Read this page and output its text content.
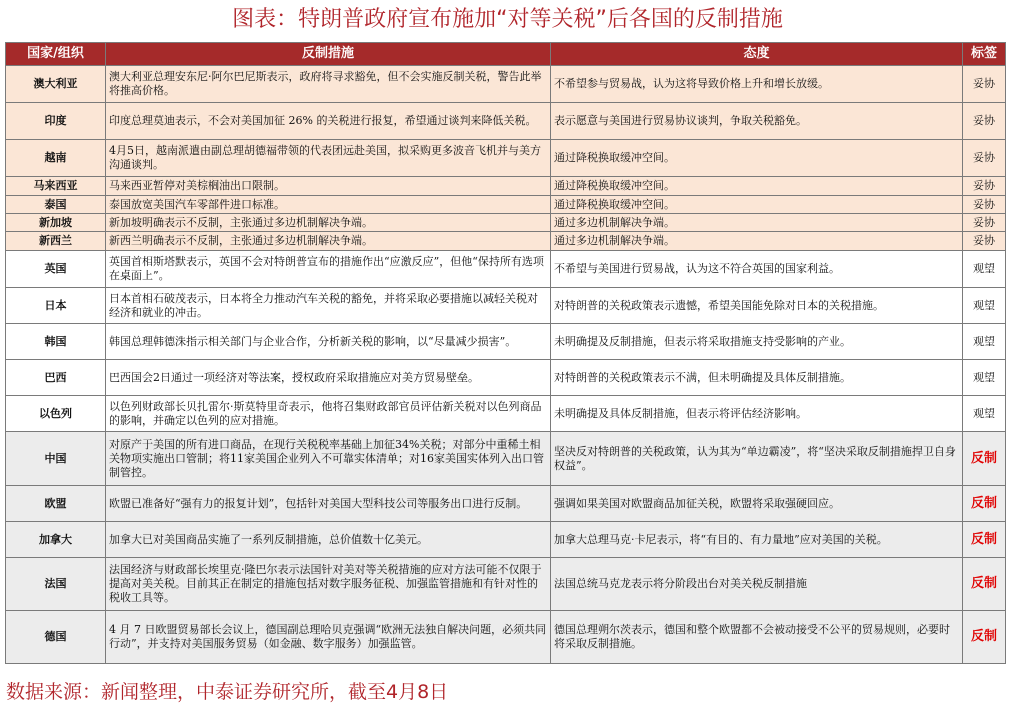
图表：特朗普政府宣布施加“对等关税”后各国的反制措施
国家/组织	反制措施	态度	标签
澳大利亚	澳大利亚总理安东尼·阿尔巴尼斯表示，政府将寻求豁免，但不会实施反制关税，警告此举将推高价格。	不希望参与贸易战，认为这将导致价格上升和增长放缓。	妥协
印度	印度总理莫迪表示，不会对美国加征 26% 的关税进行报复，希望通过谈判来降低关税。	表示愿意与美国进行贸易协议谈判，争取关税豁免。	妥协
越南	4月5日，越南派遣由副总理胡德福带领的代表团远赴美国，拟采购更多波音飞机并与美方沟通谈判。	通过降税换取缓冲空间。	妥协
马来西亚	马来西亚暂停对美棕榈油出口限制。	通过降税换取缓冲空间。	妥协
泰国	泰国放宽美国汽车零部件进口标准。	通过降税换取缓冲空间。	妥协
新加坡	新加坡明确表示不反制，主张通过多边机制解决争端。	通过多边机制解决争端。	妥协
新西兰	新西兰明确表示不反制，主张通过多边机制解决争端。	通过多边机制解决争端。	妥协
英国	英国首相斯塔默表示，英国不会对特朗普宣布的措施作出“应激反应”，但他“保持所有选项在桌面上”。	不希望与美国进行贸易战，认为这不符合英国的国家利益。	观望
日本	日本首相石破茂表示，日本将全力推动汽车关税的豁免，并将采取必要措施以减轻关税对经济和就业的冲击。	对特朗普的关税政策表示遗憾，希望美国能免除对日本的关税措施。	观望
韩国	韩国总理韩德洙指示相关部门与企业合作，分析新关税的影响，以“尽量减少损害”。	未明确提及反制措施，但表示将采取措施支持受影响的产业。	观望
巴西	巴西国会2日通过一项经济对等法案，授权政府采取措施应对美方贸易壁垒。	对特朗普的关税政策表示不满，但未明确提及具体反制措施。	观望
以色列	以色列财政部长贝扎雷尔·斯莫特里奇表示，他将召集财政部官员评估新关税对以色列商品的影响，并确定以色列的应对措施。	未明确提及具体反制措施，但表示将评估经济影响。	观望
中国	对原产于美国的所有进口商品，在现行关税税率基础上加征34%关税；对部分中重稀土相关物项实施出口管制；将11家美国企业列入不可靠实体清单；对16家美国实体列入出口管制管控。	坚决反对特朗普的关税政策，认为其为“单边霸凌”，将“坚决采取反制措施捍卫自身权益”。	反制
欧盟	欧盟已准备好“强有力的报复计划”，包括针对美国大型科技公司等服务出口进行反制。	强调如果美国对欧盟商品加征关税，欧盟将采取强硬回应。	反制
加拿大	加拿大已对美国商品实施了一系列反制措施，总价值数十亿美元。	加拿大总理马克·卡尼表示，将“有目的、有力量地”应对美国的关税。	反制
法国	法国经济与财政部长埃里克·隆巴尔表示法国针对美对等关税措施的应对方法可能不仅限于提高对美关税。目前其正在制定的措施包括对数字服务征税、加强监管措施和有针对性的税收工具等。	法国总统马克龙表示将分阶段出台对美关税反制措施	反制
德国	4 月 7 日欧盟贸易部长会议上，德国副总理哈贝克强调“欧洲无法独自解决问题，必须共同行动”，并支持对美国服务贸易（如金融、数字服务）加强监管。	德国总理朔尔茨表示，德国和整个欧盟都不会被动接受不公平的贸易规则，必要时将采取反制措施。	反制
数据来源：新闻整理，中泰证券研究所，截至4月8日
